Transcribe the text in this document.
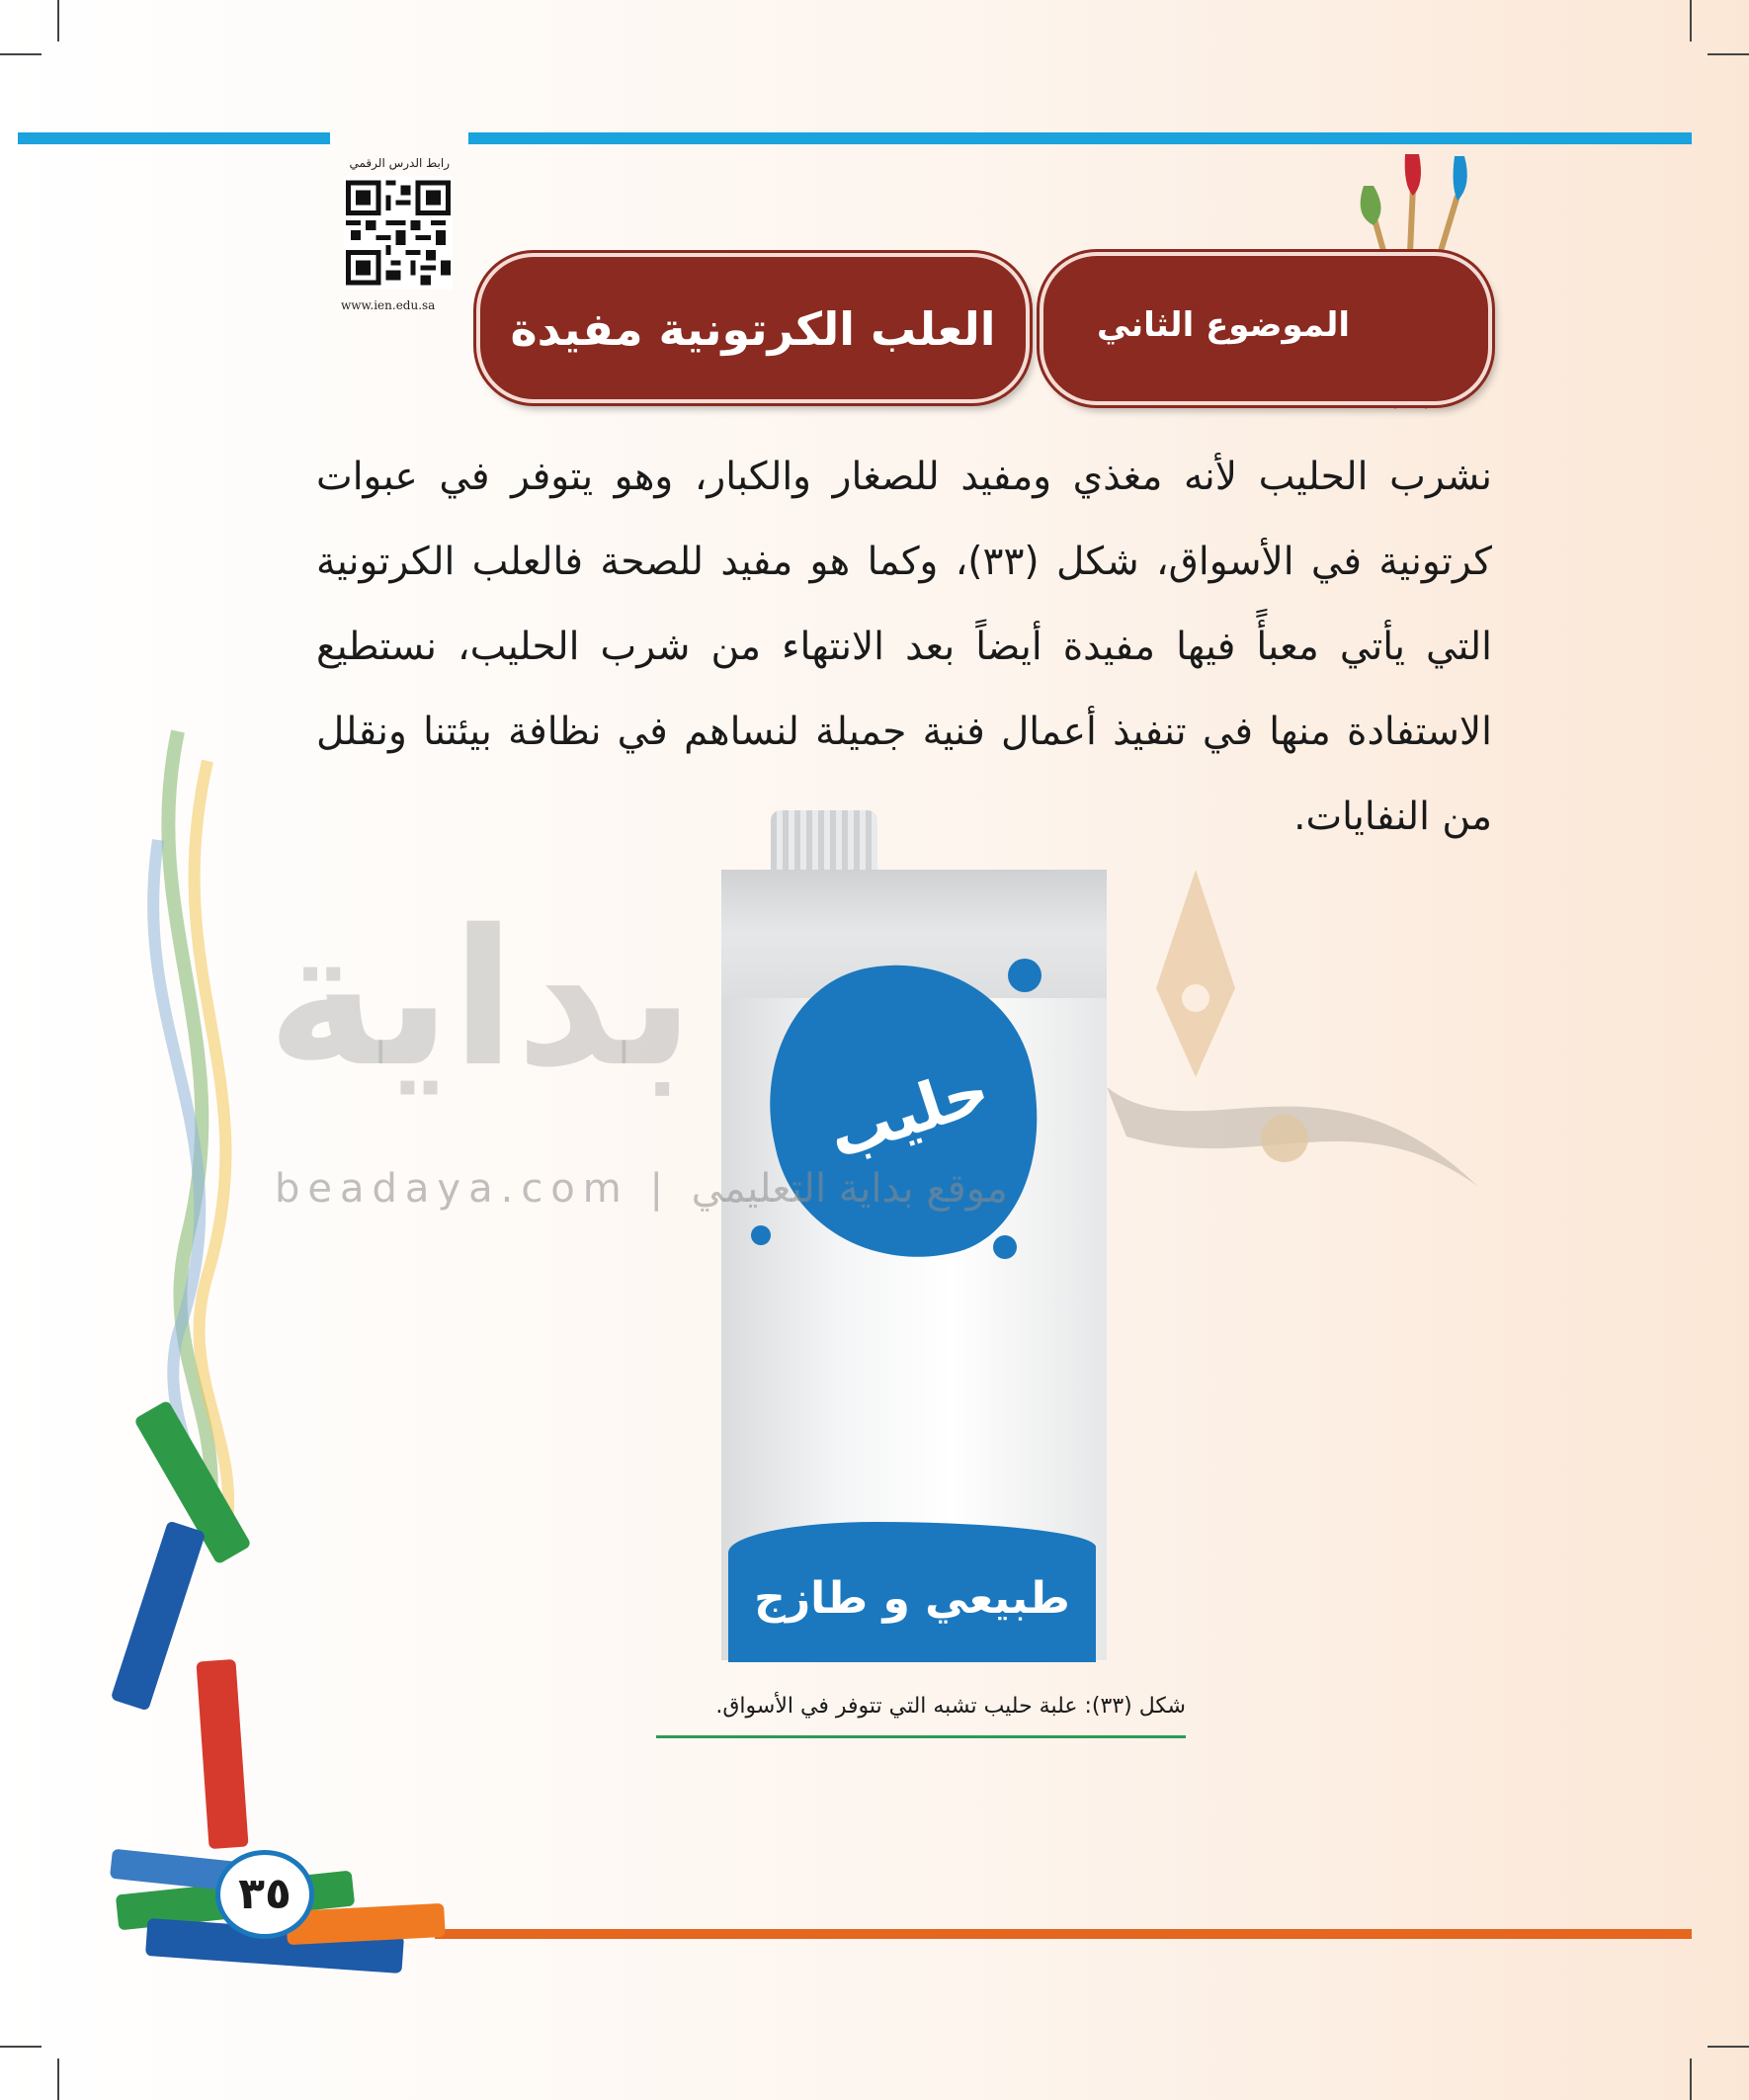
رابط الدرس الرقمي
www.ien.edu.sa	الموضوع الثاني
العلب الكرتونية مفيدة

نشرب الحليب لأنه مغذي ومفيد للصغار والكبار، وهو يتوفر في عبوات كرتونية في الأسواق، شكل (٣٣)، وكما هو مفيد للصحة فالعلب الكرتونية التي يأتي معبأً فيها مفيدة أيضاً بعد الانتهاء من شرب الحليب، نستطيع الاستفادة منها في تنفيذ أعمال فنية جميلة لنساهم في نظافة بيئتنا ونقلل من النفايات.

بداية
حليب
طبيعي و طازج
beadaya.com | موقع بداية التعليمي
شكل (٣٣): علبة حليب تشبه التي تتوفر في الأسواق.
٣٥
